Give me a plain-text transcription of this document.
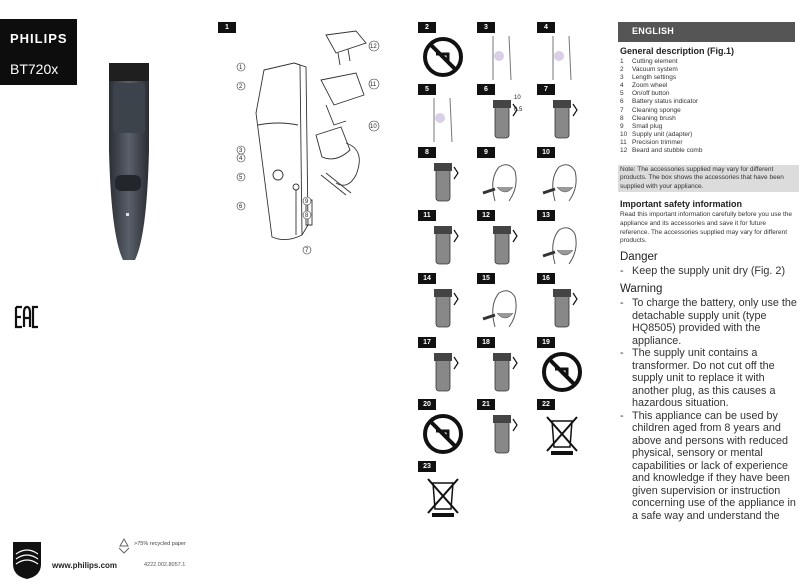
PHILIPS
BT720x
www.philips.com
>75% recycled paper
4222.002.8057.1
1
1
2
3
4
5
6
7
8
9
10
11
12
2	3	4
5	6	7
8	9	10
11	12	13
14	15	16
17	18	19
20	21	22
23
10
0.5
ENGLISH
General description (Fig.1)
1 Cutting element
2 Vacuum system
3 Length settings
4 Zoom wheel
5 On/off button
6 Battery status indicator
7 Cleaning sponge
8 Cleaning brush
9 Small plug
10 Supply unit (adapter)
11 Precision trimmer
12 Beard and stubble comb
Note: The accessories supplied may vary for different products. The box shows the accessories that have been supplied with your appliance.
Important safety information
Read this important information carefully before you use the appliance and its accessories and save it for future reference. The accessories supplied may vary for different products.
Danger
- Keep the supply unit dry (Fig. 2)
Warning
- To charge the battery, only use the detachable supply unit (type HQ8505) provided with the appliance.
- The supply unit contains a transformer. Do not cut off the supply unit to replace it with another plug, as this causes a hazardous situation.
- This appliance can be used by children aged from 8 years and above and persons with reduced physical, sensory or mental capabilities or lack of experience and knowledge if they have been given supervision or instruction concerning use of the appliance in a safe way and understand the
